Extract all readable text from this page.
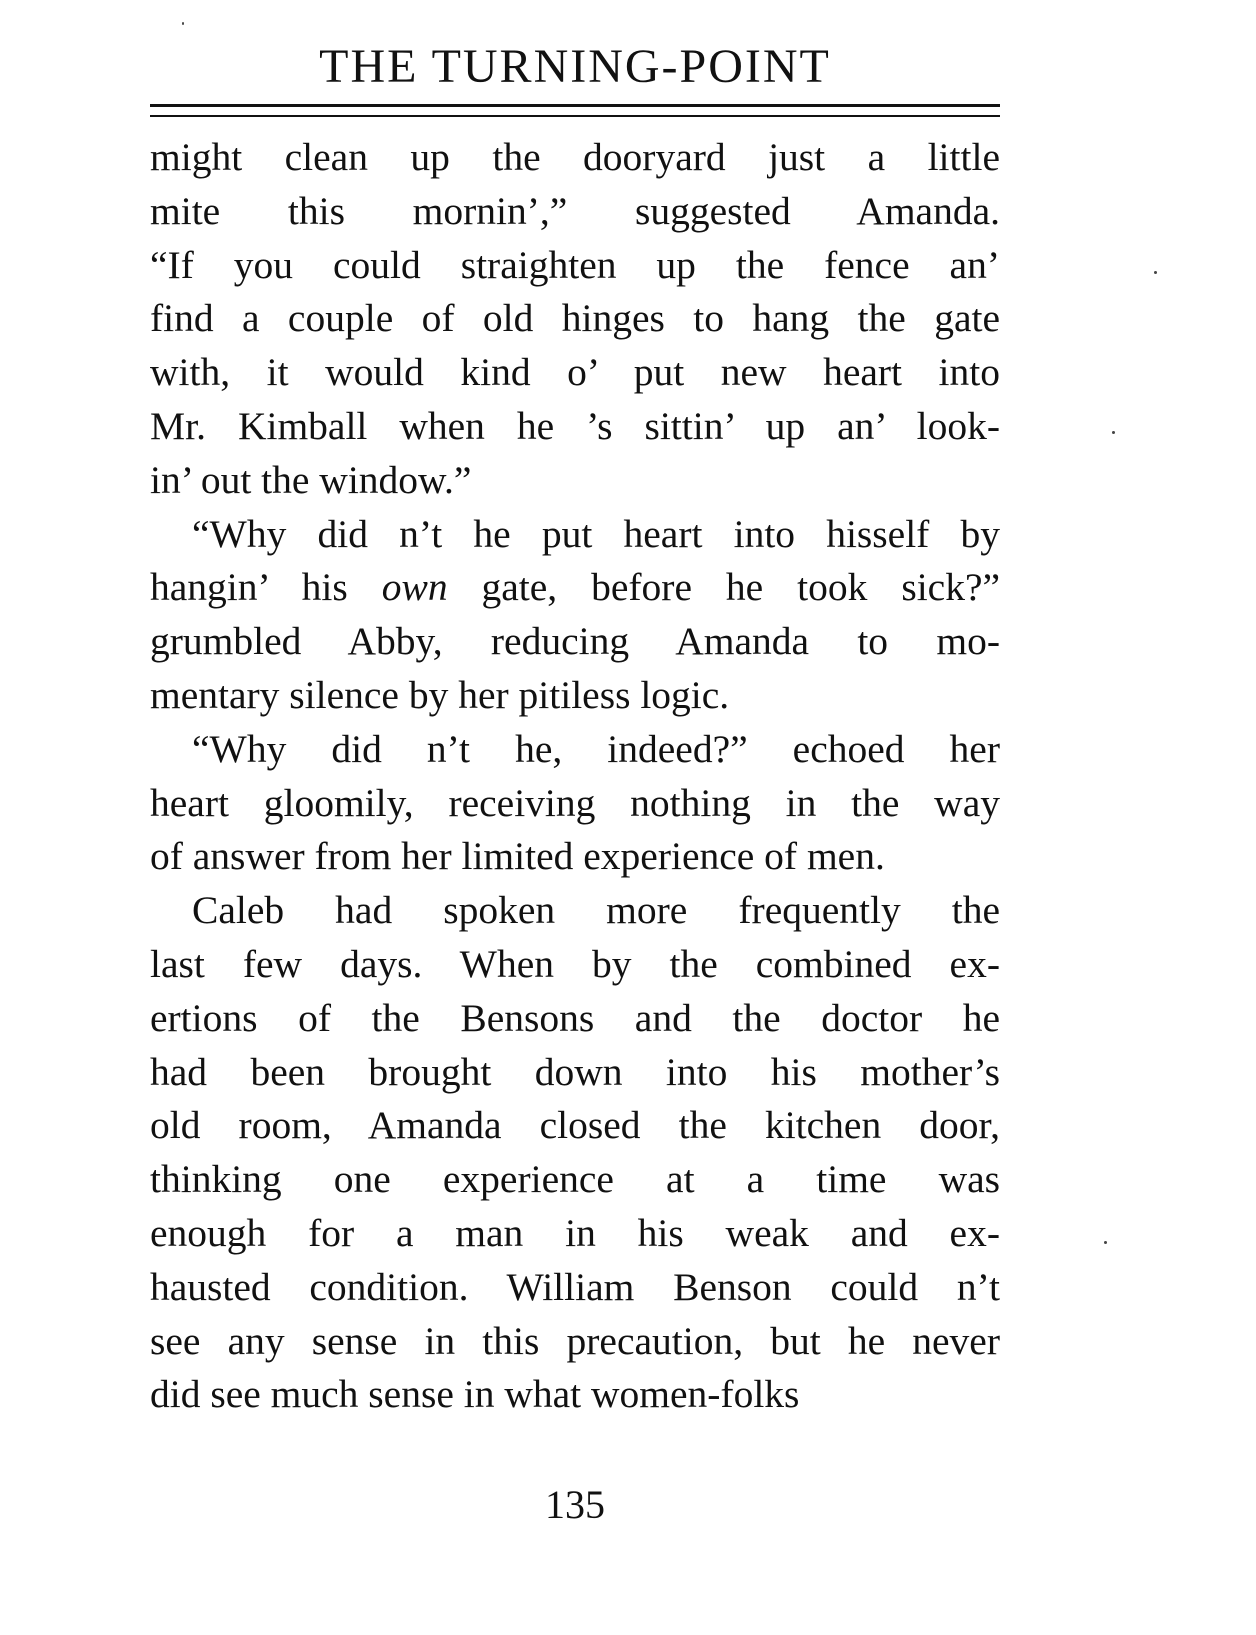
THE TURNING-POINT
might clean up the dooryard just a little
mite this mornin’,” suggested Amanda.
“If you could straighten up the fence an’
find a couple of old hinges to hang the gate
with, it would kind o’ put new heart into
Mr. Kimball when he ’s sittin’ up an’ look-
in’ out the window.”
“Why did n’t he put heart into hisself by
hangin’ his own gate, before he took sick?”
grumbled Abby, reducing Amanda to mo-
mentary silence by her pitiless logic.
“Why did n’t he, indeed?” echoed her
heart gloomily, receiving nothing in the way
of answer from her limited experience of men.
Caleb had spoken more frequently the
last few days. When by the combined ex-
ertions of the Bensons and the doctor he
had been brought down into his mother’s
old room, Amanda closed the kitchen door,
thinking one experience at a time was
enough for a man in his weak and ex-
hausted condition. William Benson could n’t
see any sense in this precaution, but he never
did see much sense in what women-folks
135
